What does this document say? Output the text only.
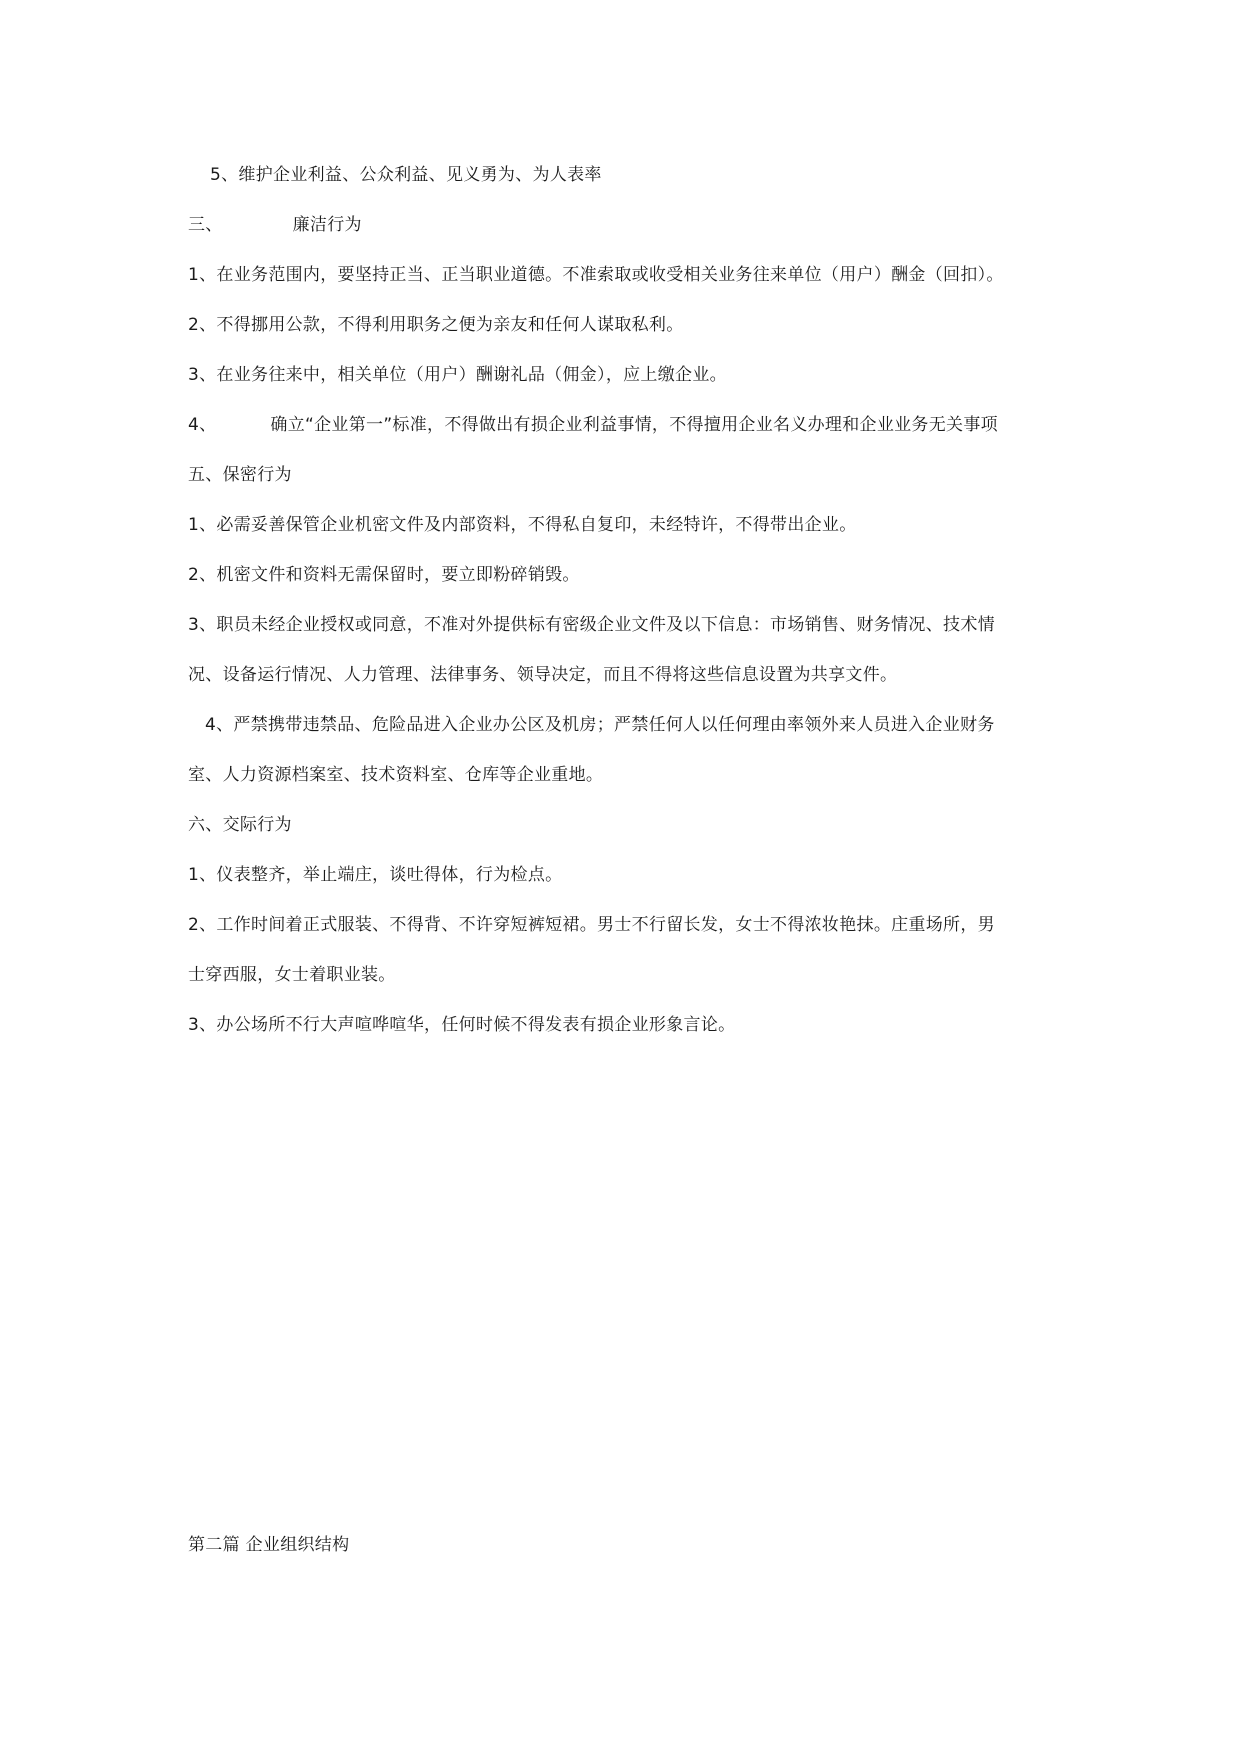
5、维护企业利益、公众利益、见义勇为、为人表率
三、	廉洁行为
1、在业务范围内，要坚持正当、正当职业道德。不准索取或收受相关业务往来单位（用户）酬金（回扣）。
2、不得挪用公款，不得利用职务之便为亲友和任何人谋取私利。
3、在业务往来中，相关单位（用户）酬谢礼品（佣金），应上缴企业。
4、	确立“企业第一”标准，不得做出有损企业利益事情，不得擅用企业名义办理和企业业务无关事项
五、保密行为
1、必需妥善保管企业机密文件及内部资料，不得私自复印，未经特许，不得带出企业。
2、机密文件和资料无需保留时，要立即粉碎销毁。
3、职员未经企业授权或同意，不准对外提供标有密级企业文件及以下信息：市场销售、财务情况、技术情
况、设备运行情况、人力管理、法律事务、领导决定，而且不得将这些信息设置为共享文件。
4、严禁携带违禁品、危险品进入企业办公区及机房；严禁任何人以任何理由率领外来人员进入企业财务
室、人力资源档案室、技术资料室、仓库等企业重地。
六、交际行为
1、仪表整齐，举止端庄，谈吐得体，行为检点。
2、工作时间着正式服装、不得背、不许穿短裤短裙。男士不行留长发，女士不得浓妆艳抹。庄重场所，男
士穿西服，女士着职业装。
3、办公场所不行大声喧哗喧华，任何时候不得发表有损企业形象言论。
第二篇 企业组织结构
